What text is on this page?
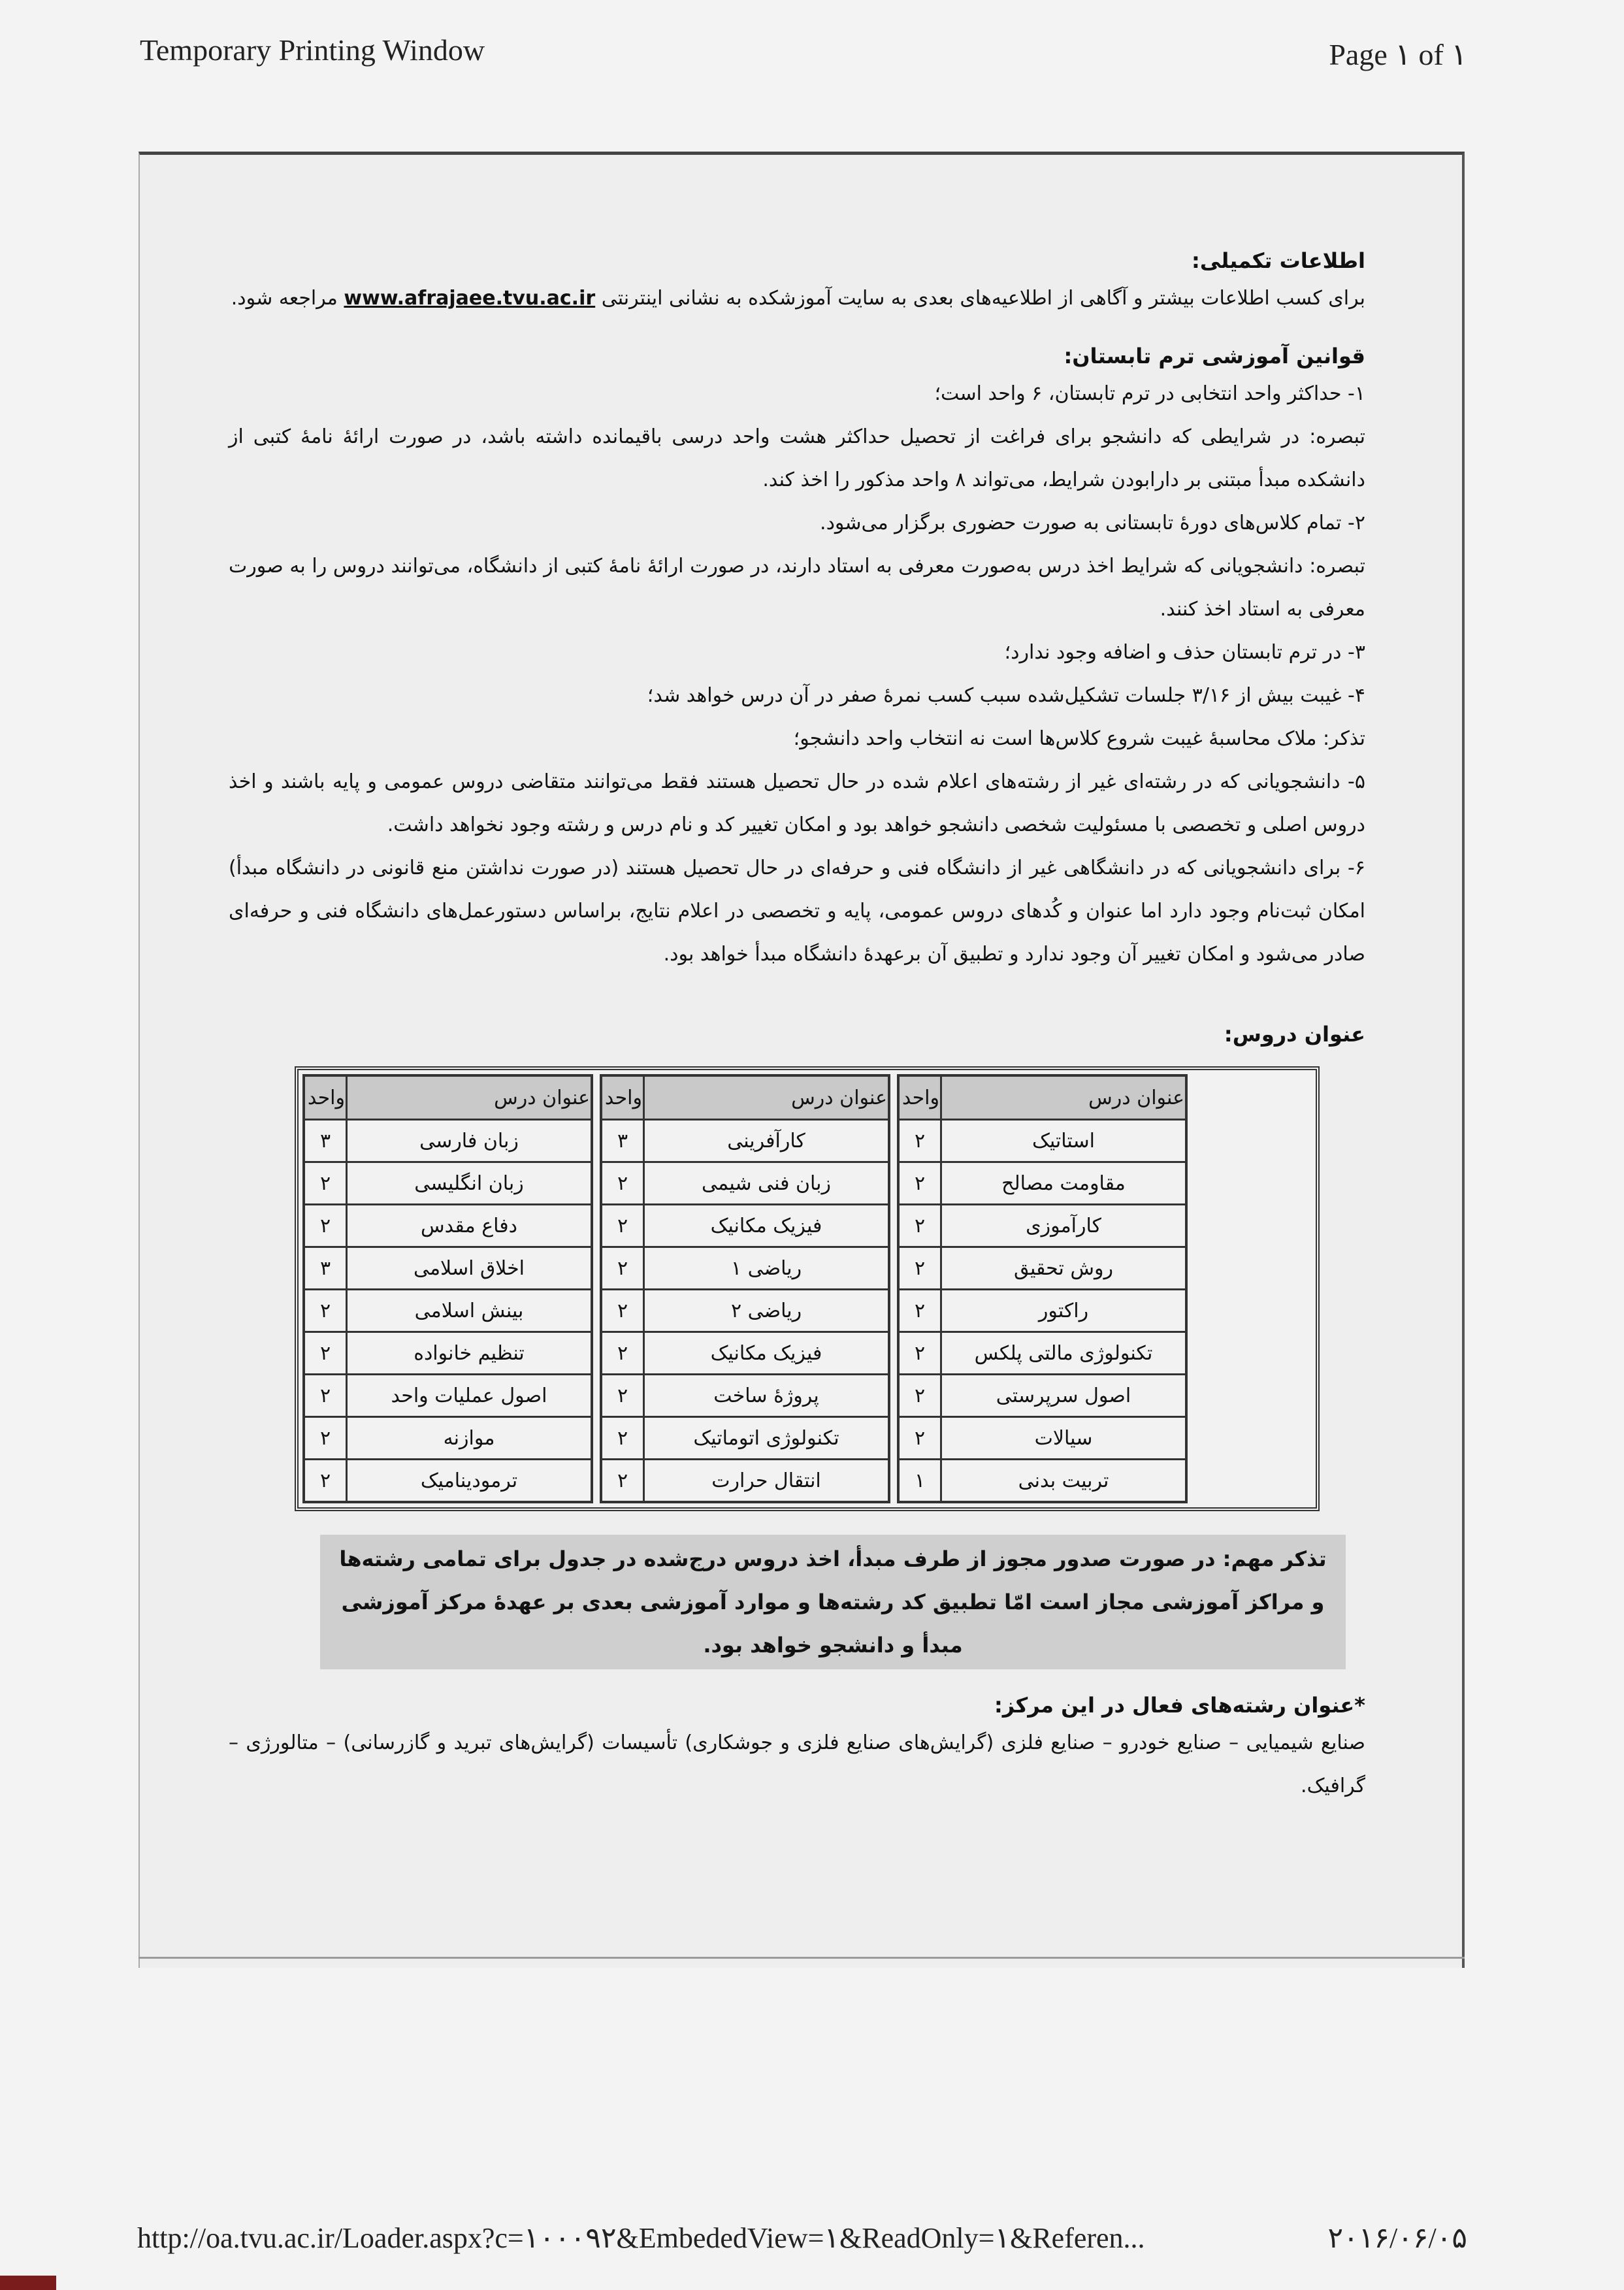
Temporary Printing Window	Page ۱ of ۱
اطلاعات تکمیلی:

برای کسب اطلاعات بیشتر و آگاهی از اطلاعیه‌های بعدی به سایت آموزشکده به نشانی اینترنتی www.afrajaee.tvu.ac.ir مراجعه شود.

قوانین آموزشی ترم تابستان:

۱- حداکثر واحد انتخابی در ترم تابستان، ۶ واحد است؛

تبصره: در شرایطی که دانشجو برای فراغت از تحصیل حداکثر هشت واحد درسی باقیمانده داشته باشد، در صورت ارائهٔ نامهٔ کتبی از دانشکده مبدأ مبتنی بر دارابودن شرایط، می‌تواند ۸ واحد مذکور را اخذ کند.

۲- تمام کلاس‌های دورهٔ تابستانی به صورت حضوری برگزار می‌شود.

تبصره: دانشجویانی که شرایط اخذ درس به‌صورت معرفی به استاد دارند، در صورت ارائهٔ نامهٔ کتبی از دانشگاه، می‌توانند دروس را به صورت معرفی به استاد اخذ کنند.

۳- در ترم تابستان حذف و اضافه وجود ندارد؛

۴- غیبت بیش از ۳/۱۶ جلسات تشکیل‌شده سبب کسب نمرهٔ صفر در آن درس خواهد شد؛

تذکر: ملاک محاسبهٔ غیبت شروع کلاس‌ها است نه انتخاب واحد دانشجو؛

۵- دانشجویانی که در رشته‌ای غیر از رشته‌های اعلام شده در حال تحصیل هستند فقط می‌توانند متقاضی دروس عمومی و پایه باشند و اخذ دروس اصلی و تخصصی با مسئولیت شخصی دانشجو خواهد بود و امکان تغییر کد و نام درس و رشته وجود نخواهد داشت.

۶- برای دانشجویانی که در دانشگاهی غیر از دانشگاه فنی و حرفه‌ای در حال تحصیل هستند (در صورت نداشتن منع قانونی در دانشگاه مبدأ) امکان ثبت‌نام وجود دارد اما عنوان و کُدهای دروس عمومی، پایه و تخصصی در اعلام نتایج، براساس دستورعمل‌های دانشگاه فنی و حرفه‌ای صادر می‌شود و امکان تغییر آن وجود ندارد و تطبیق آن برعهدهٔ دانشگاه مبدأ خواهد بود.

عنوان دروس:
عنوان درس	واحد
زبان فارسی	۳
زبان انگلیسی	۲
دفاع مقدس	۲
اخلاق اسلامی	۳
بینش اسلامی	۲
تنظیم خانواده	۲
اصول عملیات واحد	۲
موازنه	۲
ترمودینامیک	۲
عنوان درس	واحد
کارآفرینی	۳
زبان فنی شیمی	۲
فیزیک مکانیک	۲
ریاضی ۱	۲
ریاضی ۲	۲
فیزیک مکانیک	۲
پروژهٔ ساخت	۲
تکنولوژی اتوماتیک	۲
انتقال حرارت	۲
عنوان درس	واحد
استاتیک	۲
مقاومت مصالح	۲
کارآموزی	۲
روش تحقیق	۲
راکتور	۲
تکنولوژی مالتی پلکس	۲
اصول سرپرستی	۲
سیالات	۲
تربیت بدنی	۱
تذکر مهم: در صورت صدور مجوز از طرف مبدأ، اخذ دروس درج‌شده در جدول برای تمامی رشته‌ها و مراکز آموزشی مجاز است امّا تطبیق کد رشته‌ها و موارد آموزشی بعدی بر عهدهٔ مرکز آموزشی مبدأ و دانشجو خواهد بود.
*عنوان رشته‌های فعال در این مرکز:

صنایع شیمیایی – صنایع خودرو – صنایع فلزی (گرایش‌های صنایع فلزی و جوشکاری) تأسیسات (گرایش‌های تبرید و گازرسانی) – متالورژی – گرافیک.

http://oa.tvu.ac.ir/Loader.aspx?c=۱۰۰۰۹۲&EmbededView=۱&ReadOnly=۱&Referen...	۲۰۱۶/۰۶/۰۵
